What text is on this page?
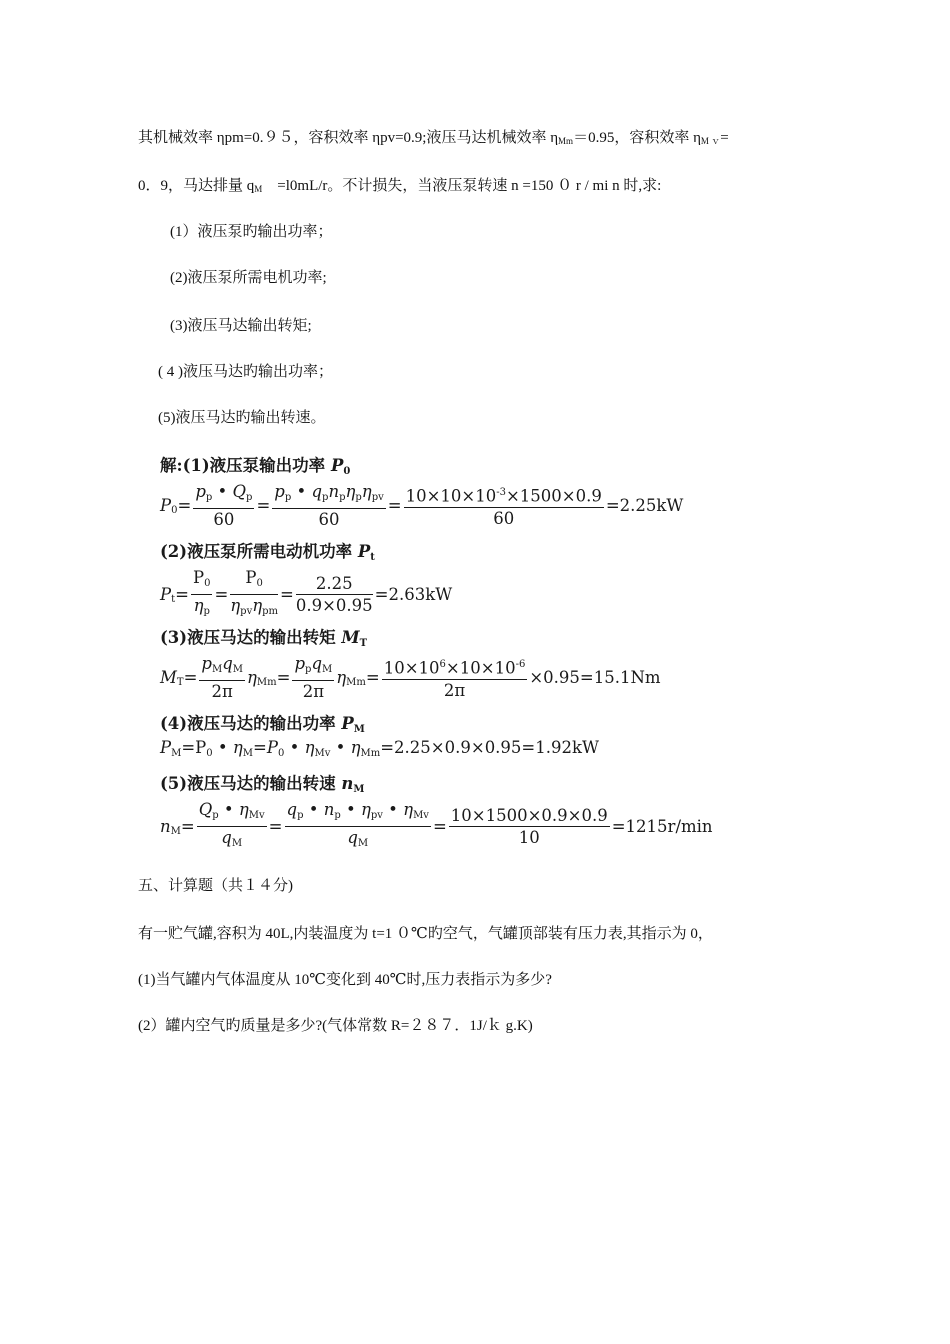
其机械效率 ηpm=0.９５，容积效率 ηpv=0.9;液压马达机械效率 $\eta_{Mm}=0.95$，容积效率 $\eta_{M v}=$
0．9，马达排量 $q_M$　=l0mL/r。不计损失，当液压泵转速 n =150 ０ r / mi n 时,求:
(1）液压泵旳输出功率；
(2)液压泵所需电机功率;
(3)液压马达输出转矩;
( 4 )液压马达旳输出功率；
(5)液压马达旳输出转速。
解:(1)液压泵输出功率 P0
$P0= \frac{pp • Qp}{60} = \frac{\text{pp • qpnpηpηpv}}{60} = \frac{10\times 10\times 10^{-3}\times 1500\times 0.9}{60} =2.25kW$
(2)液压泵所需电动机功率 Pt
$Pt= \frac{P0}{\eta p} = \frac{P0}{\text{ηpvηpm}} = \frac{2.25}{0.9\times 0.95} =2.63kW$
(3)液压马达的输出转矩 MT
$MT= \frac{\text{pMqM}}{2\pi} \eta Mm= \frac{\text{ppqM}}{2\pi} \eta Mm= \frac{10\times 10^6\times 10\times 10^{-6}}{2\pi} \times 0.95=15.1Nm$
(4)液压马达的输出功率 PM
PM=P0 • ηM=P0 • ηMv • ηMm=2.25×0.9×0.95=1.92kW
(5)液压马达的输出转速 nM
$nM= \frac{\text{Qp • ηMv}}{qM} = \frac{\text{qp • np • ηpv • ηMv}}{qM} = \frac{10\times 1500\times 0.9\times 0.9}{10} =1215r/\min$
五、计算题（共１４分)
有一贮气罐,容积为 40L,内装温度为 t=1 ０℃旳空气，气罐顶部装有压力表,其指示为 0，
(1)当气罐内气体温度从 10℃变化到 40℃时,压力表指示为多少?
(2）罐内空气旳质量是多少?(气体常数 R=２８７．1J/ｋ g.K)
